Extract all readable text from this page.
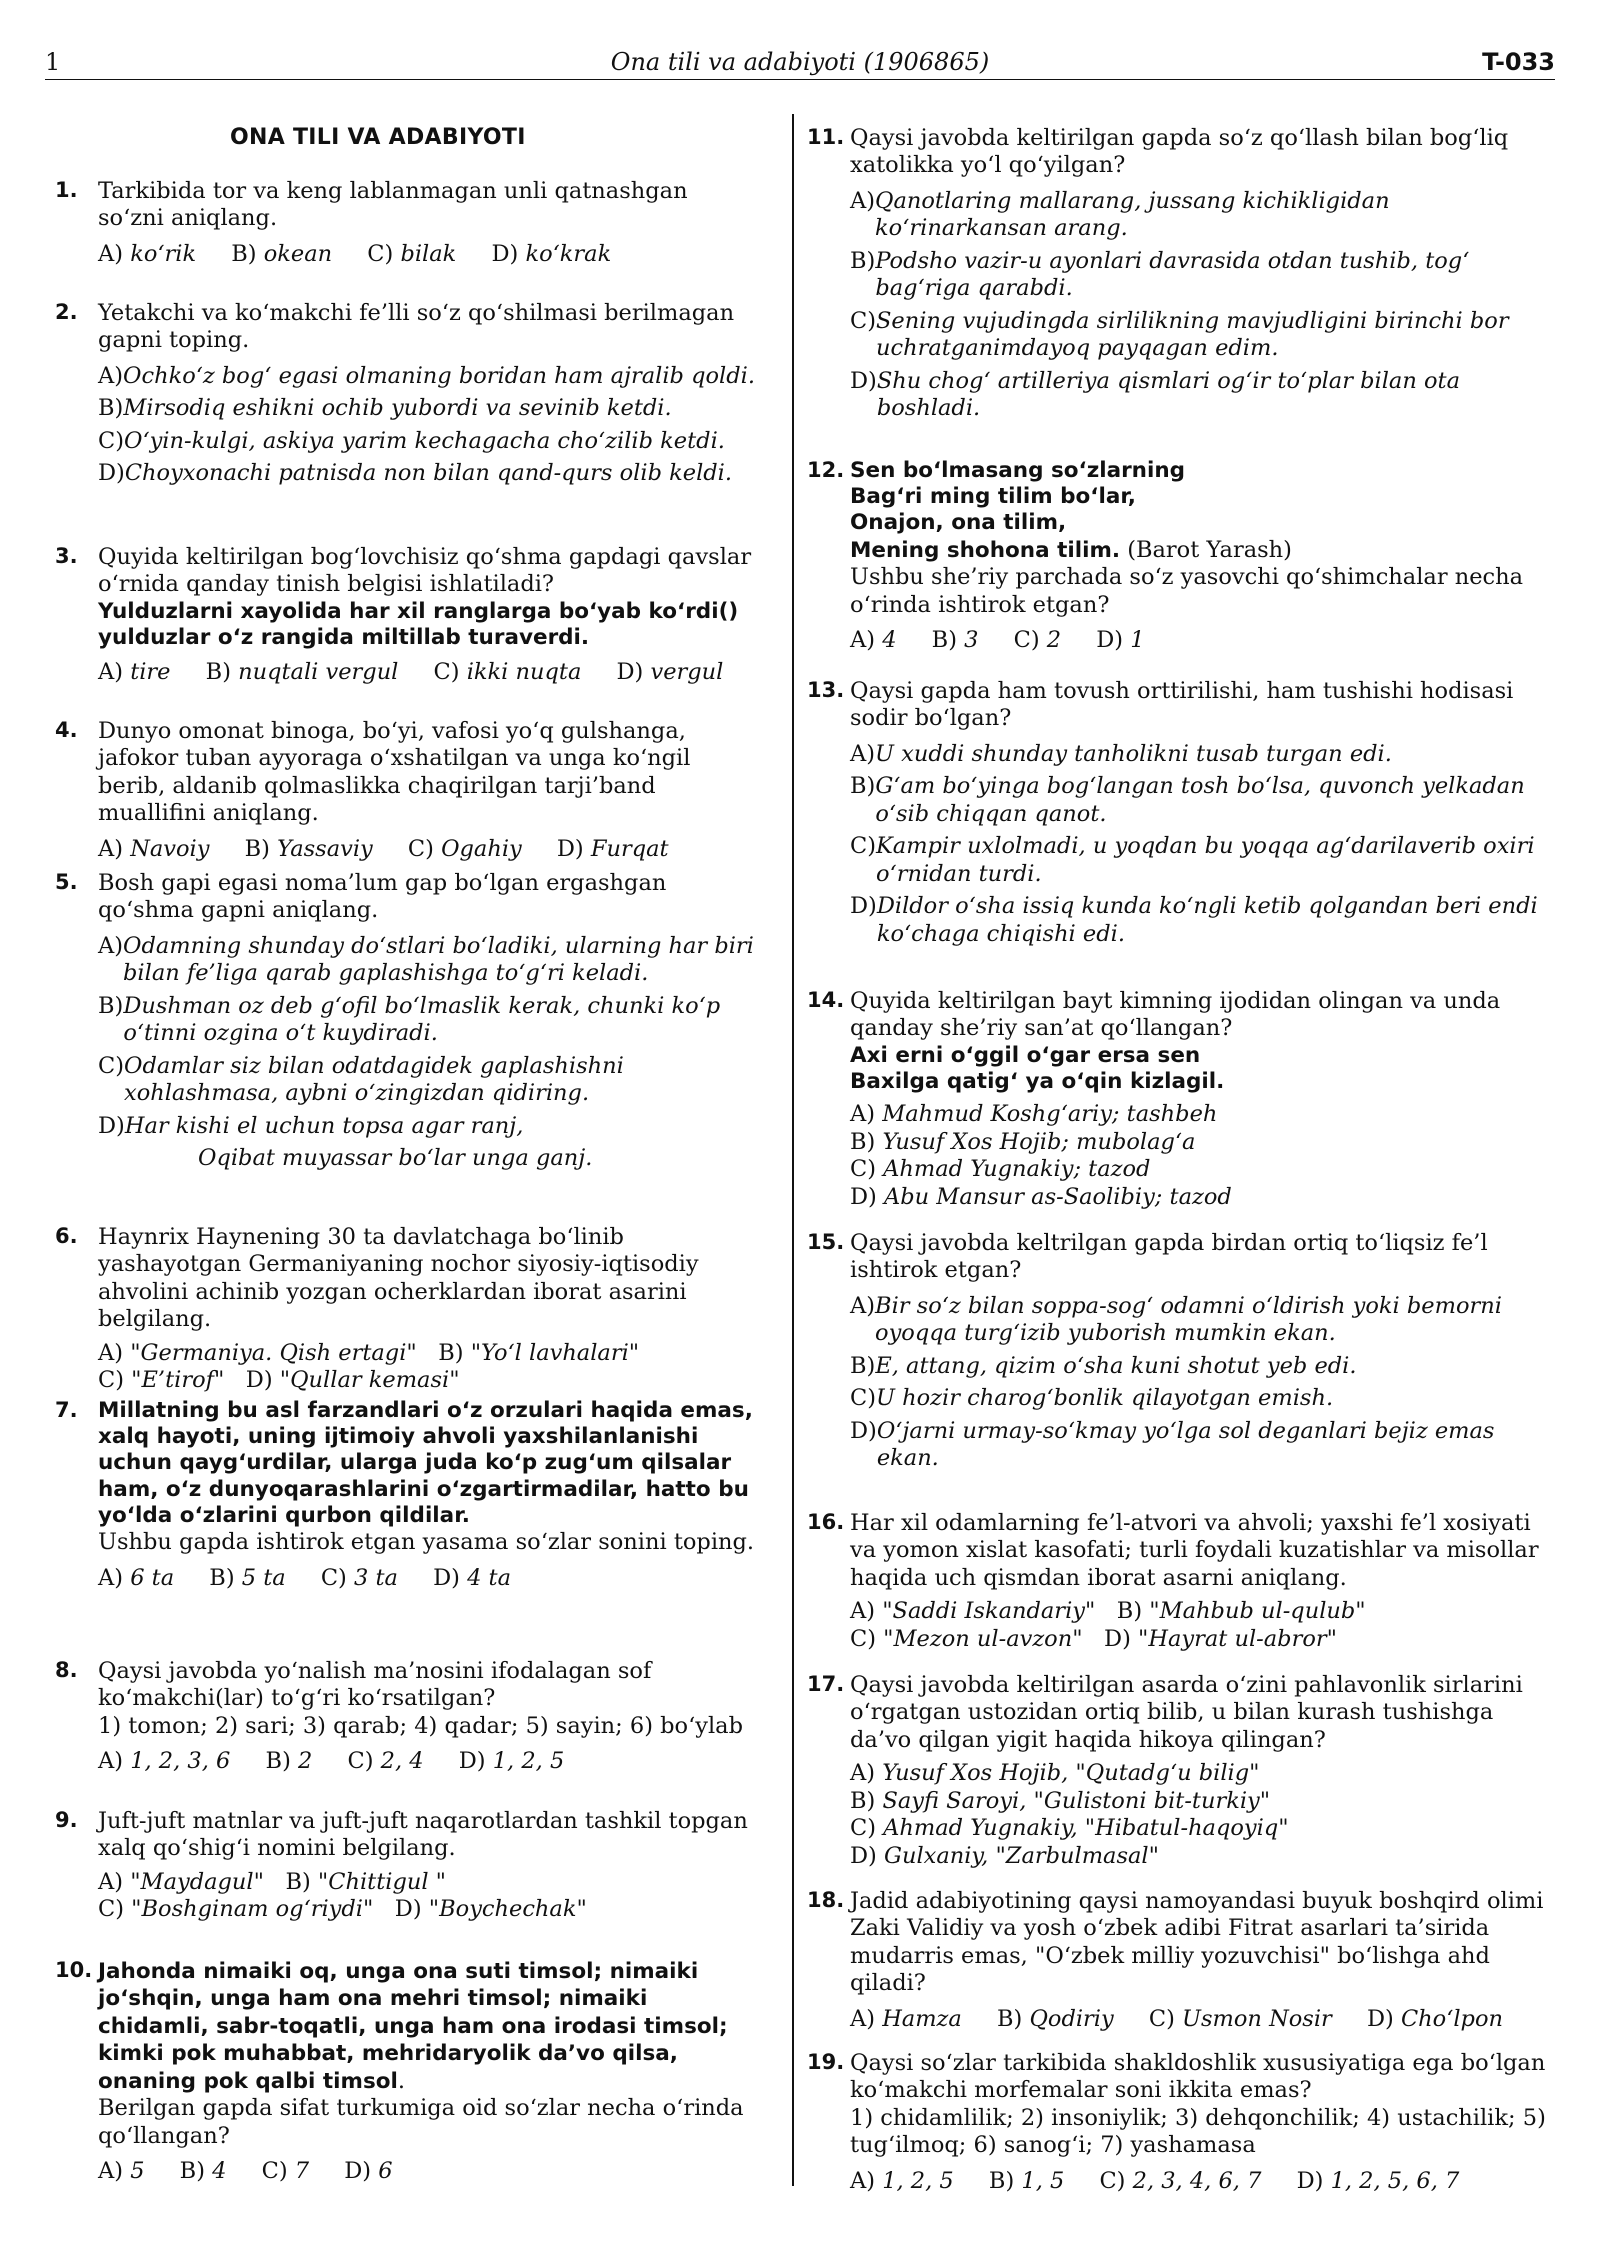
1	Ona tili va adabiyoti (1906865)	T-033
ONA TILI VA ADABIYOTI
1. Tarkibida tor va keng lablanmagan unli qatnashgan so‘zni aniqlang.

A) ko‘rik B) okean C) bilak D) ko‘krak
2. Yetakchi va ko‘makchi fe’lli so‘z qo‘shilmasi berilmagan gapni toping.

A) Ochko‘z bog‘ egasi olmaning boridan ham ajralib qoldi.
B) Mirsodiq eshikni ochib yubordi va sevinib ketdi.
C) O‘yin-kulgi, askiya yarim kechagacha cho‘zilib ketdi.
D) Choyxonachi patnisda non bilan qand-qurs olib keldi.
3. Quyida keltirilgan bog‘lovchisiz qo‘shma gapdagi qavslar o‘rnida qanday tinish belgisi ishlatiladi?

Yulduzlarni xayolida har xil ranglarga bo‘yab ko‘rdi() yulduzlar o‘z rangida miltillab turaverdi.

A) tire B) nuqtali vergul C) ikki nuqta D) vergul
4. Dunyo omonat binoga, bo‘yi, vafosi yo‘q gulshanga, jafokor tuban ayyoraga o‘xshatilgan va unga ko‘ngil berib, aldanib qolmaslikka chaqirilgan tarji’band muallifini aniqlang.

A) Navoiy B) Yassaviy C) Ogahiy D) Furqat
5. Bosh gapi egasi noma’lum gap bo‘lgan ergashgan qo‘shma gapni aniqlang.

A) Odamning shunday do‘stlari bo‘ladiki, ularning har biri bilan fe’liga qarab gaplashishga to‘g‘ri keladi.
B) Dushman oz deb g‘ofil bo‘lmaslik kerak, chunki ko‘p o‘tinni ozgina o‘t kuydiradi.
C) Odamlar siz bilan odatdagidek gaplashishni xohlashmasa, aybni o‘zingizdan qidiring.
D) Har kishi el uchun topsa agar ranj,
Oqibat muyassar bo‘lar unga ganj.
6. Haynrix Haynening 30 ta davlatchaga bo‘linib yashayotgan Germaniyaning nochor siyosiy-iqtisodiy ahvolini achinib yozgan ocherklardan iborat asarini belgilang.

A) "Germaniya. Qish ertagi" B) "Yo‘l lavhalari"
C) "E’tirof" D) "Qullar kemasi"
7. Millatning bu asl farzandlari o‘z orzulari haqida emas, xalq hayoti, uning ijtimoiy ahvoli yaxshilanlanishi uchun qayg‘urdilar, ularga juda ko‘p zug‘um qilsalar ham, o‘z dunyoqarashlarini o‘zgartirmadilar, hatto bu yo‘lda o‘zlarini qurbon qildilar.

Ushbu gapda ishtirok etgan yasama so‘zlar sonini toping.

A) 6 ta B) 5 ta C) 3 ta D) 4 ta
8. Qaysi javobda yo‘nalish ma’nosini ifodalagan sof ko‘makchi(lar) to‘g‘ri ko‘rsatilgan?

1) tomon; 2) sari; 3) qarab; 4) qadar; 5) sayin; 6) bo‘ylab

A) 1, 2, 3, 6 B) 2 C) 2, 4 D) 1, 2, 5
9. Juft-juft matnlar va juft-juft naqarotlardan tashkil topgan xalq qo‘shig‘i nomini belgilang.

A) "Maydagul" B) "Chittigul "
C) "Boshginam og‘riydi" D) "Boychechak"
10. Jahonda nimaiki oq, unga ona suti timsol; nimaiki jo‘shqin, unga ham ona mehri timsol; nimaiki chidamli, sabr-toqatli, unga ham ona irodasi timsol; kimki pok muhabbat, mehridaryolik da’vo qilsa, onaning pok qalbi timsol.

Berilgan gapda sifat turkumiga oid so‘zlar necha o‘rinda qo‘llangan?

A) 5 B) 4 C) 7 D) 6
11. Qaysi javobda keltirilgan gapda so‘z qo‘llash bilan bog‘liq xatolikka yo‘l qo‘yilgan?

A) Qanotlaring mallarang, jussang kichikligidan ko‘rinarkansan arang.
B) Podsho vazir-u ayonlari davrasida otdan tushib, tog‘ bag‘riga qarabdi.
C) Sening vujudingda sirlilikning mavjudligini birinchi bor uchratganimdayoq payqagan edim.
D) Shu chog‘ artilleriya qismlari og‘ir to‘plar bilan ota boshladi.
12. Sen bo‘lmasang so‘zlarning

Bag‘ri ming tilim bo‘lar,

Onajon, ona tilim,

Mening shohona tilim. (Barot Yarash)

Ushbu she’riy parchada so‘z yasovchi qo‘shimchalar necha o‘rinda ishtirok etgan?

A) 4 B) 3 C) 2 D) 1
13. Qaysi gapda ham tovush orttirilishi, ham tushishi hodisasi sodir bo‘lgan?

A) U xuddi shunday tanholikni tusab turgan edi.
B) G‘am bo‘yinga bog‘langan tosh bo‘lsa, quvonch yelkadan o‘sib chiqqan qanot.
C) Kampir uxlolmadi, u yoqdan bu yoqqa ag‘darilaverib oxiri o‘rnidan turdi.
D) Dildor o‘sha issiq kunda ko‘ngli ketib qolgandan beri endi ko‘chaga chiqishi edi.
14. Quyida keltirilgan bayt kimning ijodidan olingan va unda qanday she’riy san’at qo‘llangan?

Axi erni o‘ggil o‘gar ersa sen

Baxilga qatig‘ ya o‘qin kizlagil.

A) Mahmud Koshg‘ariy; tashbeh
B) Yusuf Xos Hojib; mubolag‘a
C) Ahmad Yugnakiy; tazod
D) Abu Mansur as-Saolibiy; tazod
15. Qaysi javobda keltrilgan gapda birdan ortiq to‘liqsiz fe’l ishtirok etgan?

A) Bir so‘z bilan soppa-sog‘ odamni o‘ldirish yoki bemorni oyoqqa turg‘izib yuborish mumkin ekan.
B) E, attang, qizim o‘sha kuni shotut yeb edi.
C) U hozir charog‘bonlik qilayotgan emish.
D) O‘jarni urmay-so‘kmay yo‘lga sol deganlari bejiz emas ekan.
16. Har xil odamlarning fe’l-atvori va ahvoli; yaxshi fe’l xosiyati va yomon xislat kasofati; turli foydali kuzatishlar va misollar haqida uch qismdan iborat asarni aniqlang.

A) "Saddi Iskandariy" B) "Mahbub ul-qulub"
C) "Mezon ul-avzon" D) "Hayrat ul-abror"
17. Qaysi javobda keltirilgan asarda o‘zini pahlavonlik sirlarini o‘rgatgan ustozidan ortiq bilib, u bilan kurash tushishga da’vo qilgan yigit haqida hikoya qilingan?

A) Yusuf Xos Hojib, "Qutadg‘u bilig"
B) Sayfi Saroyi, "Gulistoni bit-turkiy"
C) Ahmad Yugnakiy, "Hibatul-haqoyiq"
D) Gulxaniy, "Zarbulmasal"
18. Jadid adabiyotining qaysi namoyandasi buyuk boshqird olimi Zaki Validiy va yosh o‘zbek adibi Fitrat asarlari ta’sirida mudarris emas, "O‘zbek milliy yozuvchisi" bo‘lishga ahd qiladi?

A) Hamza B) Qodiriy C) Usmon Nosir D) Cho‘lpon
19. Qaysi so‘zlar tarkibida shakldoshlik xususiyatiga ega bo‘lgan ko‘makchi morfemalar soni ikkita emas?

1) chidamlilik; 2) insoniylik; 3) dehqonchilik; 4) ustachilik; 5) tug‘ilmoq; 6) sanog‘i; 7) yashamasa

A) 1, 2, 5 B) 1, 5 C) 2, 3, 4, 6, 7 D) 1, 2, 5, 6, 7
